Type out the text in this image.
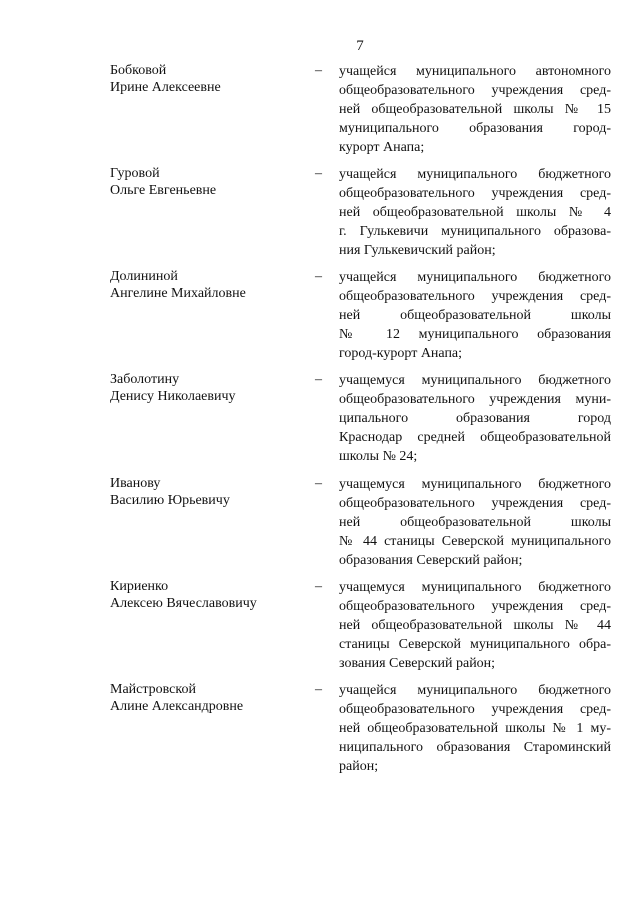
7
Бобковой
Ирине Алексеевне
– учащейся муниципального автономного
общеобразовательного учреждения сред-
ней общеобразовательной школы № 15
муниципального образования город-
курорт Анапа;
Гуровой
Ольге Евгеньевне
– учащейся муниципального бюджетного
общеобразовательного учреждения сред-
ней общеобразовательной школы № 4
г. Гулькевичи муниципального образова-
ния Гулькевичский район;
Долининой
Ангелине Михайловне
– учащейся муниципального бюджетного
общеобразовательного учреждения сред-
ней общеобразовательной школы
№ 12 муниципального образования
город-курорт Анапа;
Заболотину
Денису Николаевичу
– учащемуся муниципального бюджетного
общеобразовательного учреждения муни-
ципального образования город
Краснодар средней общеобразовательной
школы № 24;
Иванову
Василию Юрьевичу
– учащемуся муниципального бюджетного
общеобразовательного учреждения сред-
ней общеобразовательной школы
№ 44 станицы Северской муниципального
образования Северский район;
Кириенко
Алексею Вячеславовичу
– учащемуся муниципального бюджетного
общеобразовательного учреждения сред-
ней общеобразовательной школы № 44
станицы Северской муниципального обра-
зования Северский район;
Майстровской
Алине Александровне
– учащейся муниципального бюджетного
общеобразовательного учреждения сред-
ней общеобразовательной школы № 1 му-
ниципального образования Староминский
район;
